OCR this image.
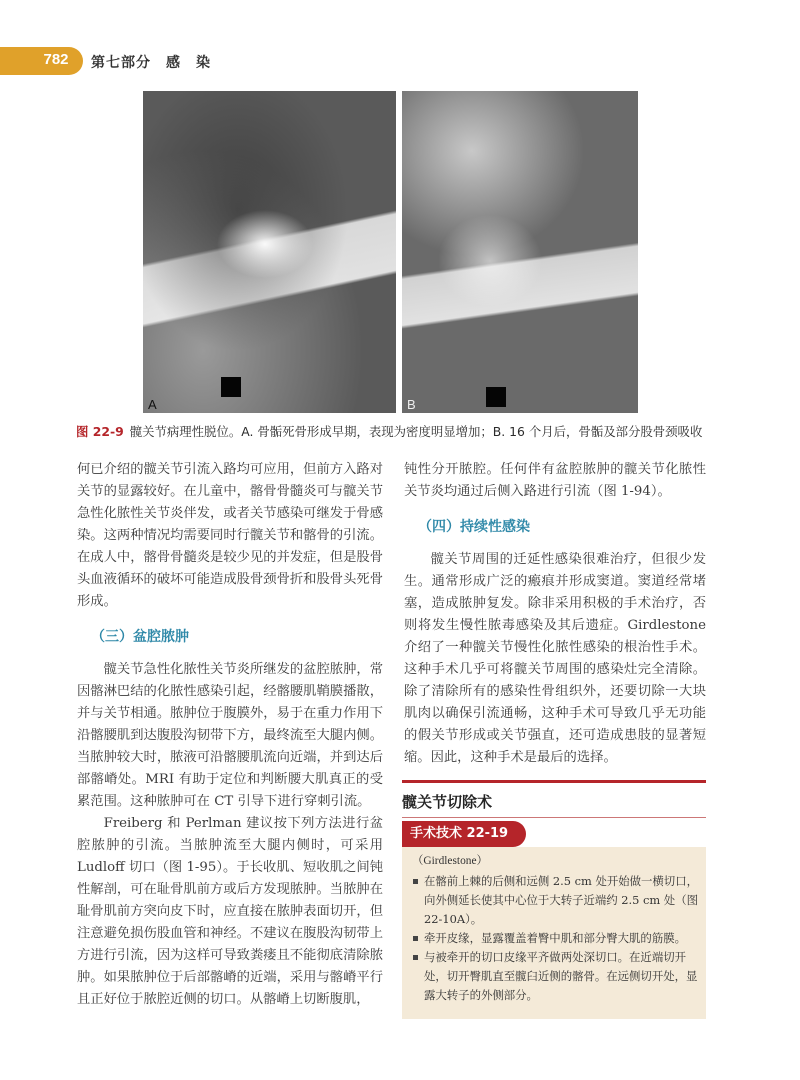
782	第七部分　感　染
A	B
图 22-9 髋关节病理性脱位。A. 骨骺死骨形成早期，表现为密度明显增加；B. 16 个月后，骨骺及部分股骨颈吸收

何已介绍的髋关节引流入路均可应用，但前方入路对关节的显露较好。在儿童中，髂骨骨髓炎可与髋关节急性化脓性关节炎伴发，或者关节感染可继发于骨感染。这两种情况均需要同时行髋关节和髂骨的引流。在成人中，髂骨骨髓炎是较少见的并发症，但是股骨头血液循环的破坏可能造成股骨颈骨折和股骨头死骨形成。

（三）盆腔脓肿

髋关节急性化脓性关节炎所继发的盆腔脓肿，常因髂淋巴结的化脓性感染引起，经髂腰肌鞘膜播散，并与关节相通。脓肿位于腹膜外，易于在重力作用下沿髂腰肌到达腹股沟韧带下方，最终流至大腿内侧。当脓肿较大时，脓液可沿髂腰肌流向近端，并到达后部髂嵴处。MRI 有助于定位和判断腰大肌真正的受累范围。这种脓肿可在 CT 引导下进行穿刺引流。

Freiberg 和 Perlman 建议按下列方法进行盆腔脓肿的引流。当脓肿流至大腿内侧时，可采用 Ludloff 切口（图 1-95）。于长收肌、短收肌之间钝性解剖，可在耻骨肌前方或后方发现脓肿。当脓肿在耻骨肌前方突向皮下时，应直接在脓肿表面切开，但注意避免损伤股血管和神经。不建议在腹股沟韧带上方进行引流，因为这样可导致粪瘘且不能彻底清除脓肿。如果脓肿位于后部髂嵴的近端，采用与髂嵴平行且正好位于脓腔近侧的切口。从髂嵴上切断腹肌，

钝性分开脓腔。任何伴有盆腔脓肿的髋关节化脓性关节炎均通过后侧入路进行引流（图 1-94）。

（四）持续性感染

髋关节周围的迁延性感染很难治疗，但很少发生。通常形成广泛的瘢痕并形成窦道。窦道经常堵塞，造成脓肿复发。除非采用积极的手术治疗，否则将发生慢性脓毒感染及其后遗症。Girdlestone 介绍了一种髋关节慢性化脓性感染的根治性手术。这种手术几乎可将髋关节周围的感染灶完全清除。除了清除所有的感染性骨组织外，还要切除一大块肌肉以确保引流通畅，这种手术可导致几乎无功能的假关节形成或关节强直，还可造成患肢的显著短缩。因此，这种手术是最后的选择。

髋关节切除术
手术技术 22-19
（Girdlestone）
在髂前上棘的后侧和远侧 2.5 cm 处开始做一横切口，向外侧延长使其中心位于大转子近端约 2.5 cm 处（图 22-10A）。
牵开皮缘，显露覆盖着臀中肌和部分臀大肌的筋膜。
与被牵开的切口皮缘平齐做两处深切口。在近端切开处，切开臀肌直至髋臼近侧的髂骨。在远侧切开处，显露大转子的外侧部分。
